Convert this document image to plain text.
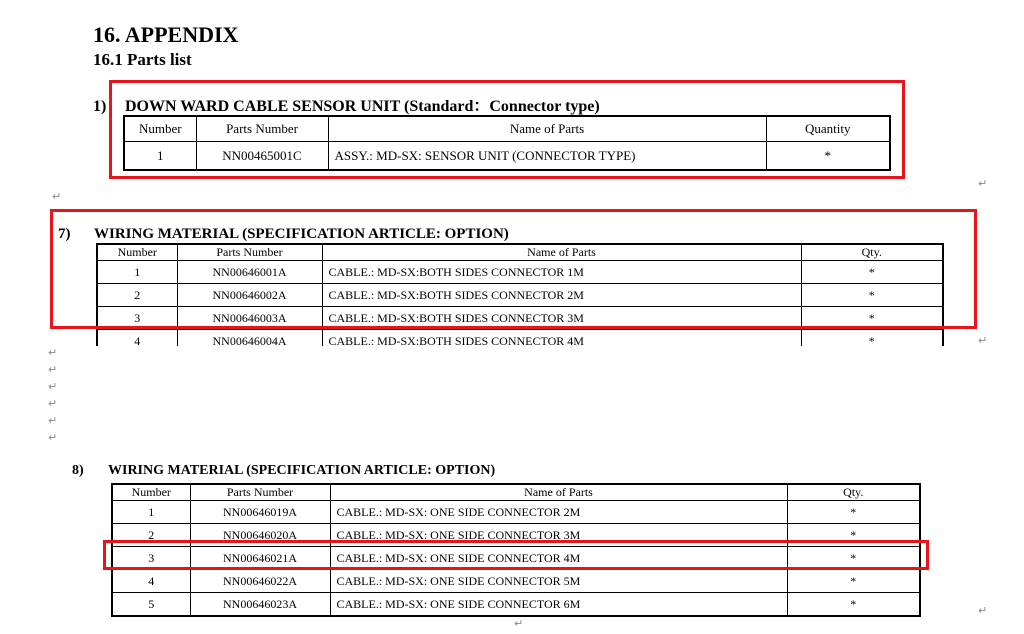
16. APPENDIX
16.1 Parts list
1) DOWN WARD CABLE SENSOR UNIT (Standard：Connector type)
Number	Parts Number	Name of Parts	Quantity
1	NN00465001C	ASSY.: MD-SX: SENSOR UNIT (CONNECTOR TYPE)	*
7) WIRING MATERIAL (SPECIFICATION ARTICLE: OPTION)
Number	Parts Number	Name of Parts	Qty.
1	NN00646001A	CABLE.: MD-SX:BOTH SIDES CONNECTOR 1M	*
2	NN00646002A	CABLE.: MD-SX:BOTH SIDES CONNECTOR 2M	*
3	NN00646003A	CABLE.: MD-SX:BOTH SIDES CONNECTOR 3M	*
4	NN00646004A	CABLE.: MD-SX:BOTH SIDES CONNECTOR 4M	*
8) WIRING MATERIAL (SPECIFICATION ARTICLE: OPTION)
Number	Parts Number	Name of Parts	Qty.
1	NN00646019A	CABLE.: MD-SX: ONE SIDE CONNECTOR 2M	*
2	NN00646020A	CABLE.: MD-SX: ONE SIDE CONNECTOR 3M	*
3	NN00646021A	CABLE.: MD-SX: ONE SIDE CONNECTOR 4M	*
4	NN00646022A	CABLE.: MD-SX: ONE SIDE CONNECTOR 5M	*
5	NN00646023A	CABLE.: MD-SX: ONE SIDE CONNECTOR 6M	*
↵
↵
↵
↵
↵
↵
↵
↵
↵
↵
↵
